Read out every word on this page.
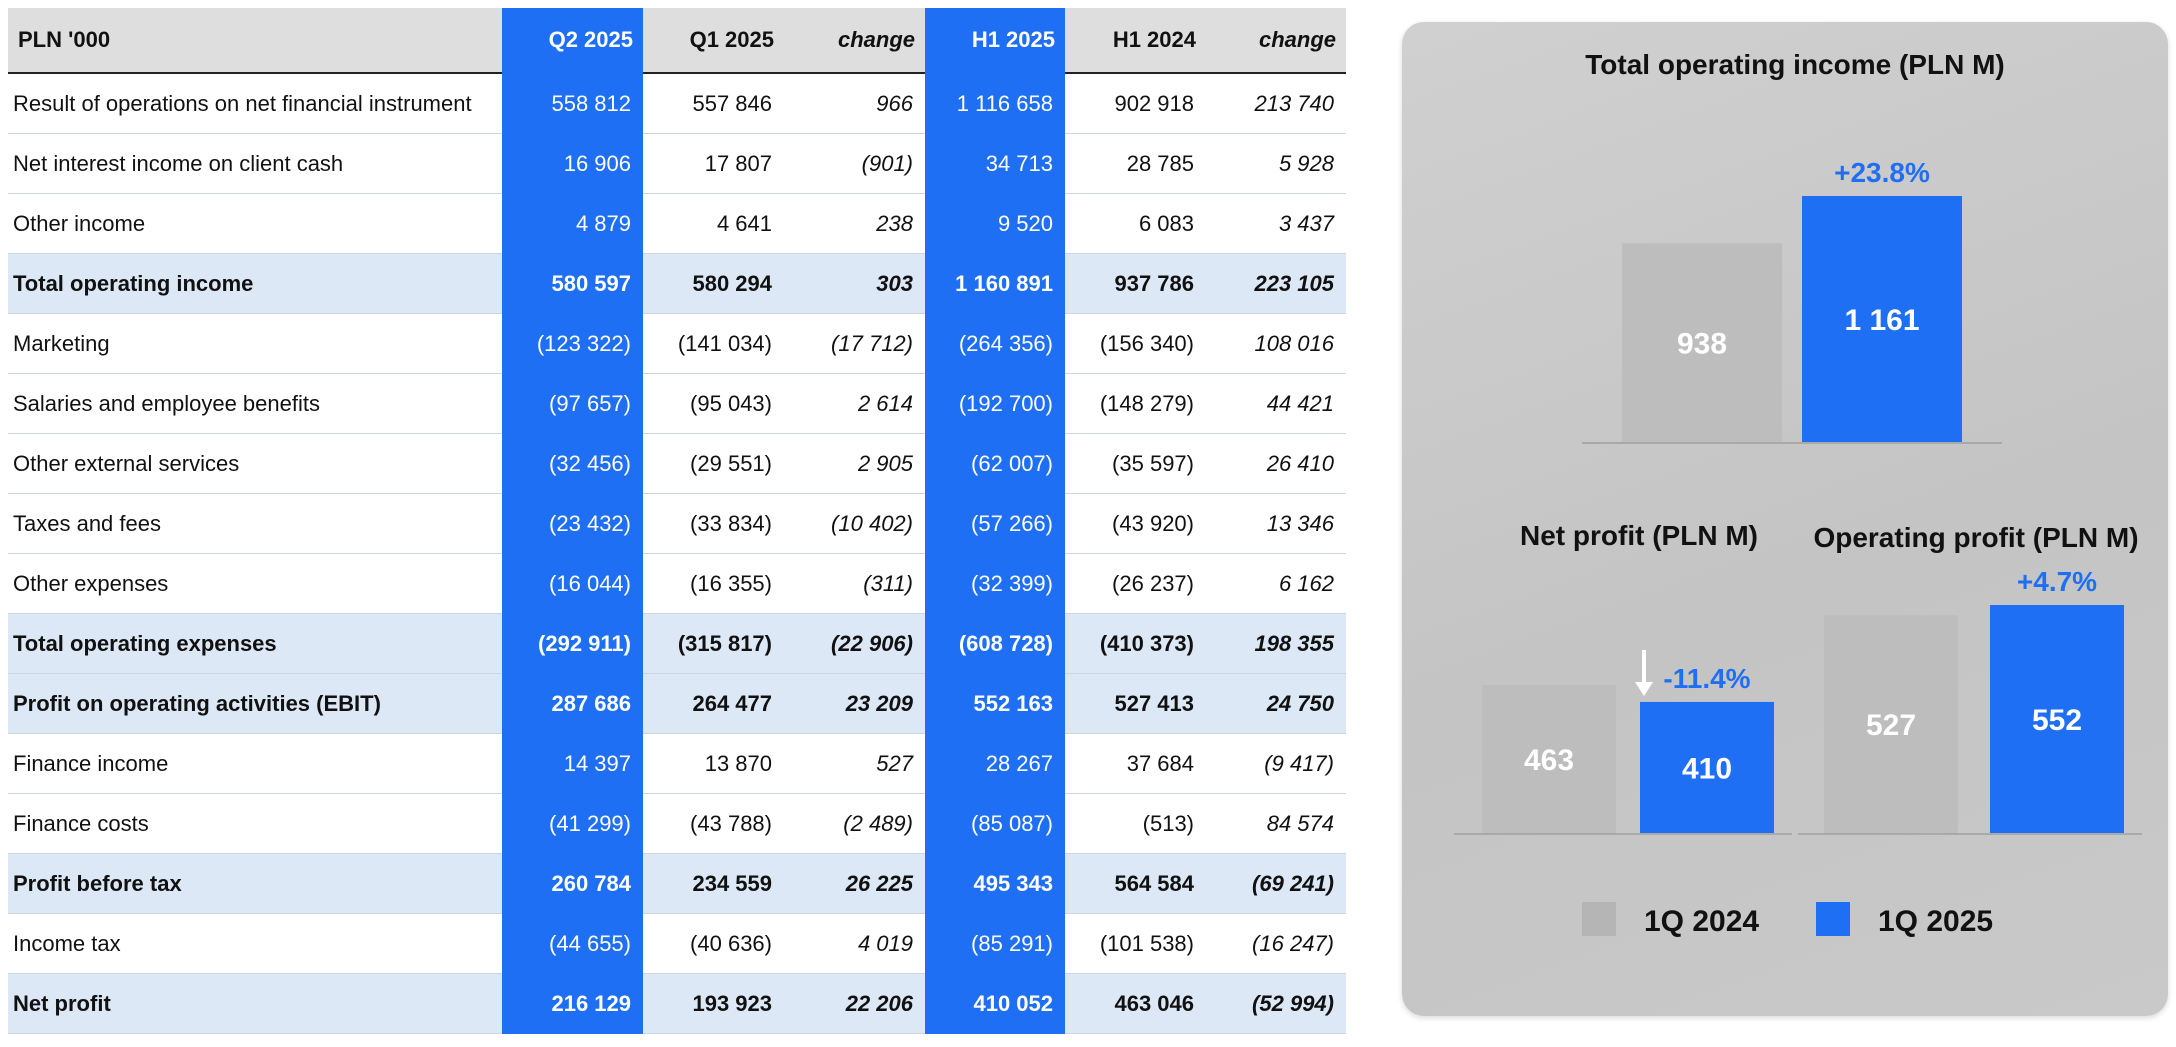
PLN '000	Q2 2025	Q1 2025	change	H1 2025	H1 2024	change
Result of operations on net financial instrument	558 812	557 846	966	1 116 658	902 918	213 740
Net interest income on client cash	16 906	17 807	(901)	34 713	28 785	5 928
Other income	4 879	4 641	238	9 520	6 083	3 437
Total operating income	580 597	580 294	303	1 160 891	937 786	223 105
Marketing	(123 322)	(141 034)	(17 712)	(264 356)	(156 340)	108 016
Salaries and employee benefits	(97 657)	(95 043)	2 614	(192 700)	(148 279)	44 421
Other external services	(32 456)	(29 551)	2 905	(62 007)	(35 597)	26 410
Taxes and fees	(23 432)	(33 834)	(10 402)	(57 266)	(43 920)	13 346
Other expenses	(16 044)	(16 355)	(311)	(32 399)	(26 237)	6 162
Total operating expenses	(292 911)	(315 817)	(22 906)	(608 728)	(410 373)	198 355
Profit on operating activities (EBIT)	287 686	264 477	23 209	552 163	527 413	24 750
Finance income	14 397	13 870	527	28 267	37 684	(9 417)
Finance costs	(41 299)	(43 788)	(2 489)	(85 087)	(513)	84 574
Profit before tax	260 784	234 559	26 225	495 343	564 584	(69 241)
Income tax	(44 655)	(40 636)	4 019	(85 291)	(101 538)	(16 247)
Net profit	216 129	193 923	22 206	410 052	463 046	(52 994)
Total operating income (PLN M)
938
1 161
+23.8%
Net profit (PLN M)
463	410
-11.4%
Operating profit (PLN M)
527	552
+4.7%
1Q 2024	1Q 2025
